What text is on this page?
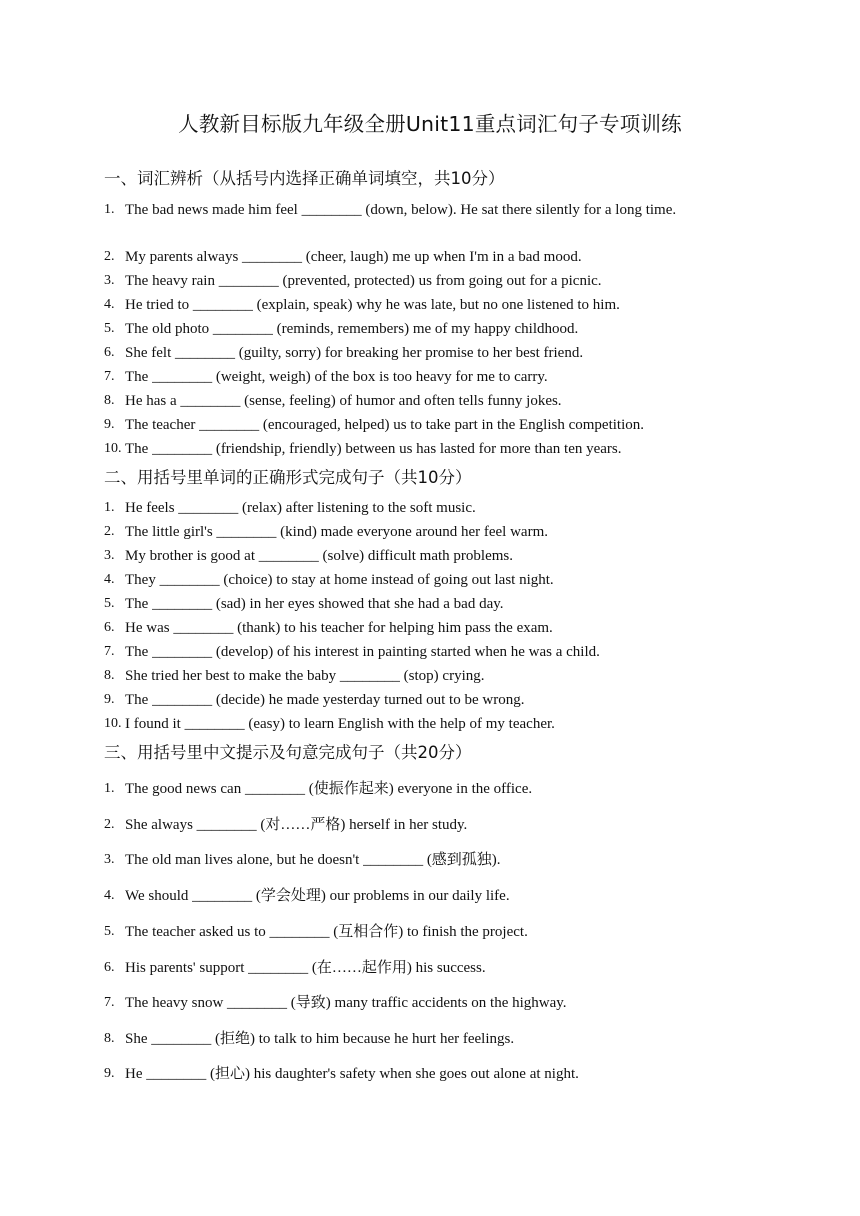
人教新目标版九年级全册Unit11重点词汇句子专项训练
一、词汇辨析（从括号内选择正确单词填空，共10分）
1. The bad news made him feel ________ (down, below). He sat there silently for a long time.
2. My parents always ________ (cheer, laugh) me up when I'm in a bad mood.
3. The heavy rain ________ (prevented, protected) us from going out for a picnic.
4. He tried to ________ (explain, speak) why he was late, but no one listened to him.
5. The old photo ________ (reminds, remembers) me of my happy childhood.
6. She felt ________ (guilty, sorry) for breaking her promise to her best friend.
7. The ________ (weight, weigh) of the box is too heavy for me to carry.
8. He has a ________ (sense, feeling) of humor and often tells funny jokes.
9. The teacher ________ (encouraged, helped) us to take part in the English competition.
10. The ________ (friendship, friendly) between us has lasted for more than ten years.
二、用括号里单词的正确形式完成句子（共10分）
1. He feels ________ (relax) after listening to the soft music.
2. The little girl's ________ (kind) made everyone around her feel warm.
3. My brother is good at ________ (solve) difficult math problems.
4. They ________ (choice) to stay at home instead of going out last night.
5. The ________ (sad) in her eyes showed that she had a bad day.
6. He was ________ (thank) to his teacher for helping him pass the exam.
7. The ________ (develop) of his interest in painting started when he was a child.
8. She tried her best to make the baby ________ (stop) crying.
9. The ________ (decide) he made yesterday turned out to be wrong.
10. I found it ________ (easy) to learn English with the help of my teacher.
三、用括号里中文提示及句意完成句子（共20分）
1. The good news can ________ (使振作起来) everyone in the office.
2. She always ________ (对……严格) herself in her study.
3. The old man lives alone, but he doesn't ________ (感到孤独).
4. We should ________ (学会处理) our problems in our daily life.
5. The teacher asked us to ________ (互相合作) to finish the project.
6. His parents' support ________ (在……起作用) his success.
7. The heavy snow ________ (导致) many traffic accidents on the highway.
8. She ________ (拒绝) to talk to him because he hurt her feelings.
9. He ________ (担心) his daughter's safety when she goes out alone at night.
